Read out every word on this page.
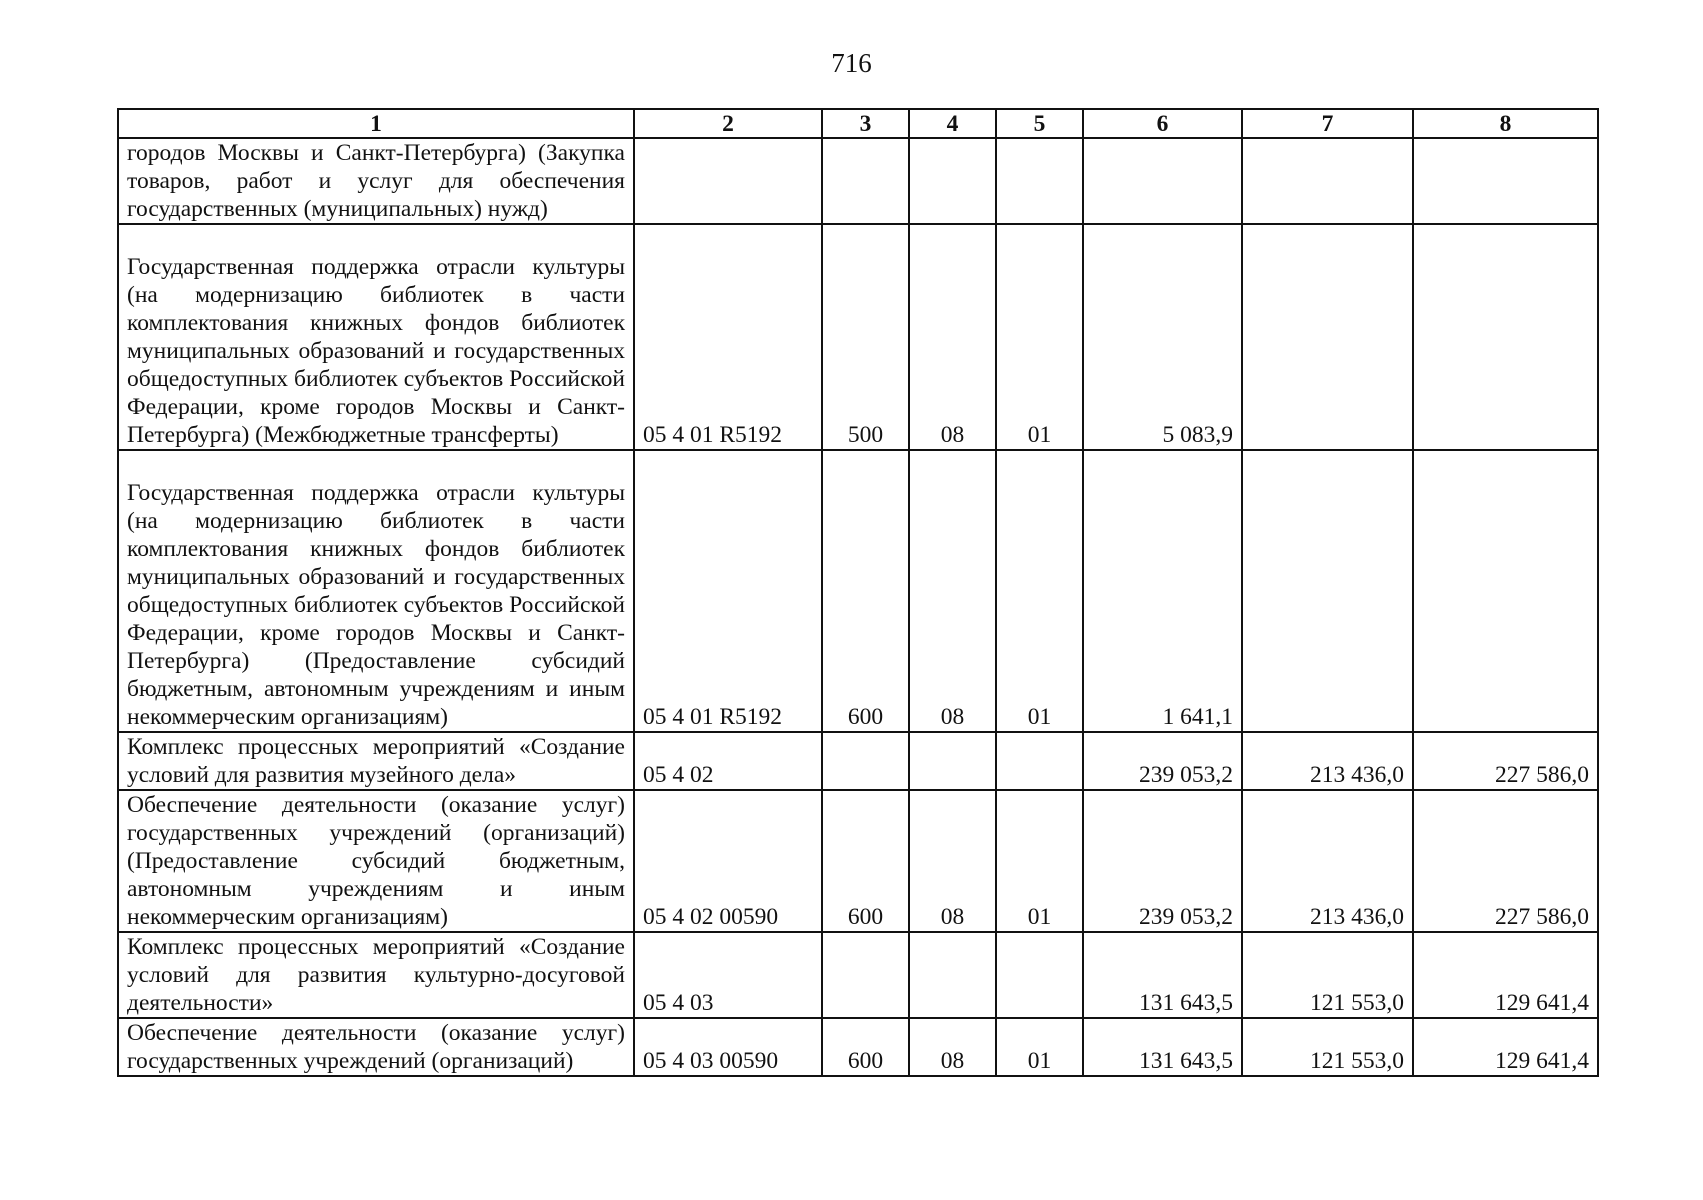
716
1	2	3	4	5	6	7	8
городов Москвы и Санкт-Петербурга) (Закупка товаров, работ и услуг для обеспечения государственных (муниципальных) нужд)							
Государственная поддержка отрасли культуры (на модернизацию библиотек в части комплектования книжных фондов библиотек муниципальных образований и государственных общедоступных библиотек субъектов Российской Федерации, кроме городов Москвы и Санкт-Петербурга) (Межбюджетные трансферты)	05 4 01 R5192	500	08	01	5 083,9		
Государственная поддержка отрасли культуры (на модернизацию библиотек в части комплектования книжных фондов библиотек муниципальных образований и государственных общедоступных библиотек субъектов Российской Федерации, кроме городов Москвы и Санкт-Петербурга) (Предоставление субсидий бюджетным, автономным учреждениям и иным некоммерческим организациям)	05 4 01 R5192	600	08	01	1 641,1		
Комплекс процессных мероприятий «Создание условий для развития музейного дела»	05 4 02				239 053,2	213 436,0	227 586,0
Обеспечение деятельности (оказание услуг) государственных учреждений (организаций) (Предоставление субсидий бюджетным, автономным учреждениям и иным некоммерческим организациям)	05 4 02 00590	600	08	01	239 053,2	213 436,0	227 586,0
Комплекс процессных мероприятий «Создание условий для развития культурно-досуговой деятельности»	05 4 03				131 643,5	121 553,0	129 641,4
Обеспечение деятельности (оказание услуг) государственных учреждений (организаций)	05 4 03 00590	600	08	01	131 643,5	121 553,0	129 641,4
